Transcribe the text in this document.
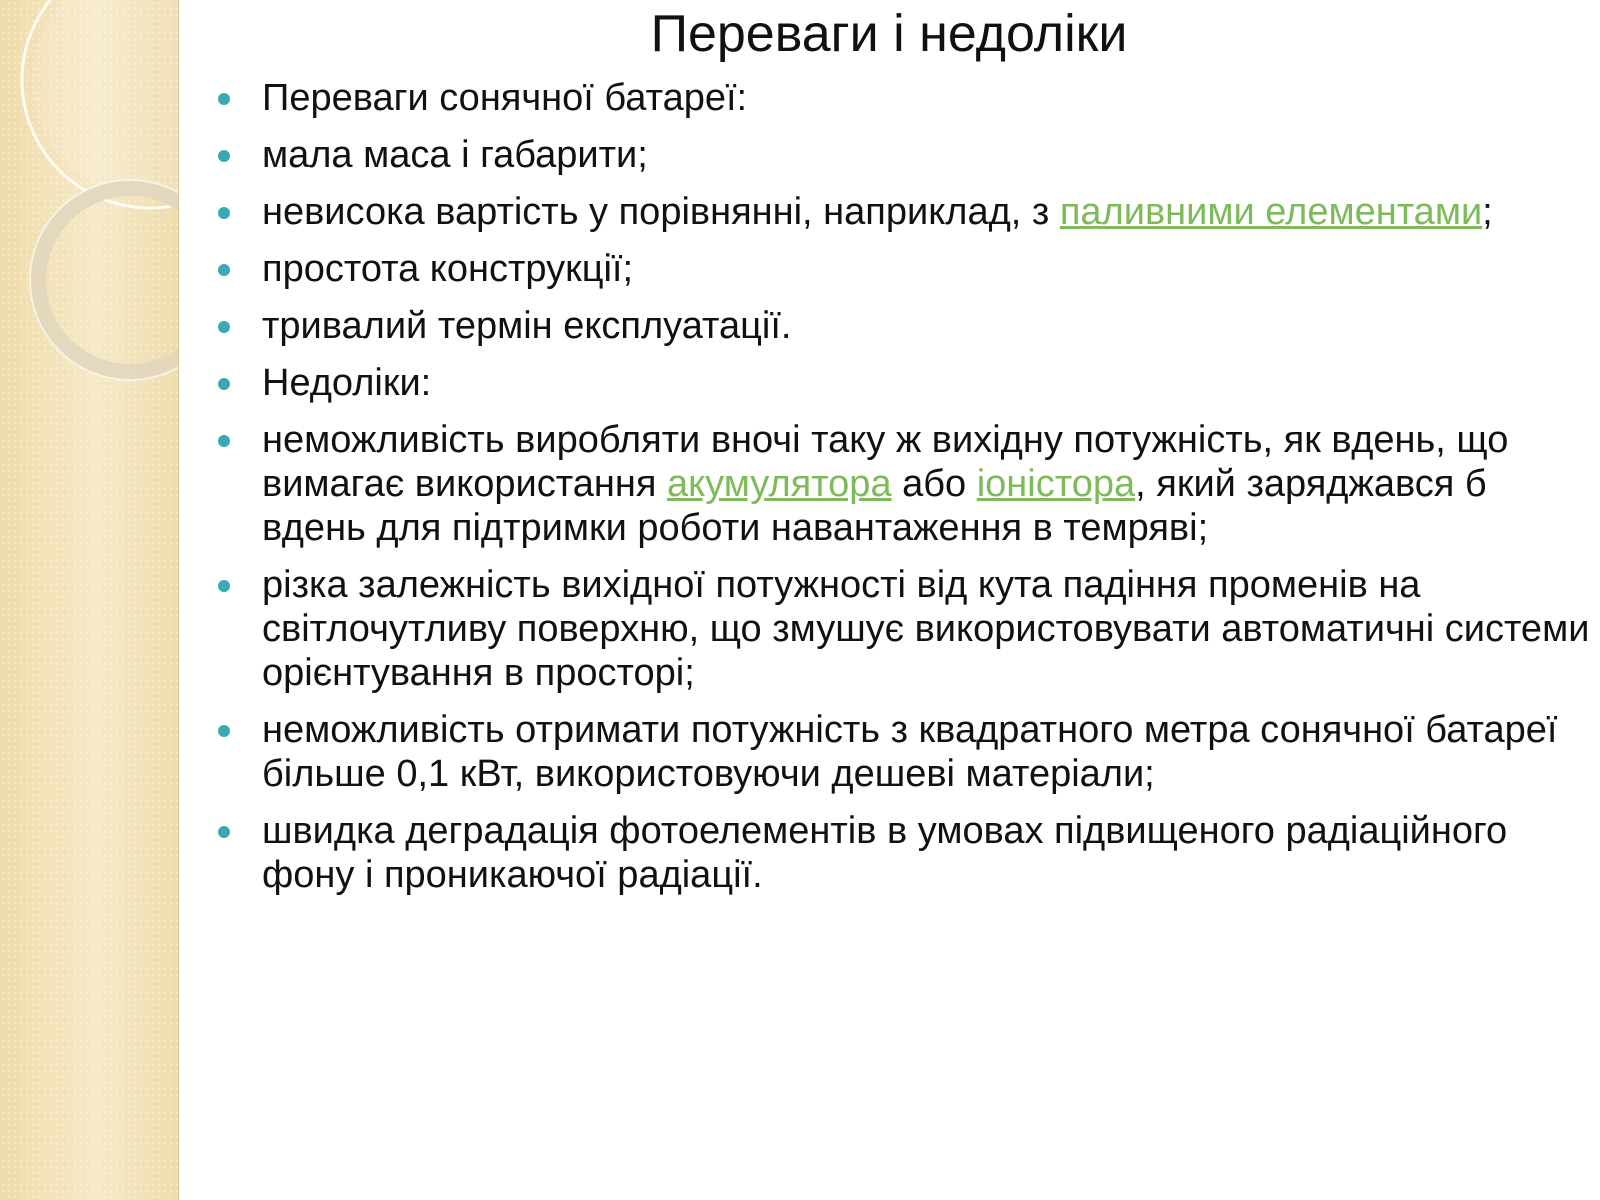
Переваги і недоліки
Переваги сонячної батареї:
мала маса і габарити;
невисока вартість у порівнянні, наприклад, з паливними елементами;
простота конструкції;
тривалий термін експлуатації.
Недоліки:
неможливість виробляти вночі таку ж вихідну потужність, як вдень, що вимагає використання акумулятора або іоністора, який заряджався б вдень для підтримки роботи навантаження в темряві;
різка залежність вихідної потужності від кута падіння променів на світлочутливу поверхню, що змушує використовувати автоматичні системи орієнтування в просторі;
неможливість отримати потужність з квадратного метра сонячної батареї більше 0,1 кВт, використовуючи дешеві матеріали;
швидка деградація фотоелементів в умовах підвищеного радіаційного фону і проникаючої радіації.
